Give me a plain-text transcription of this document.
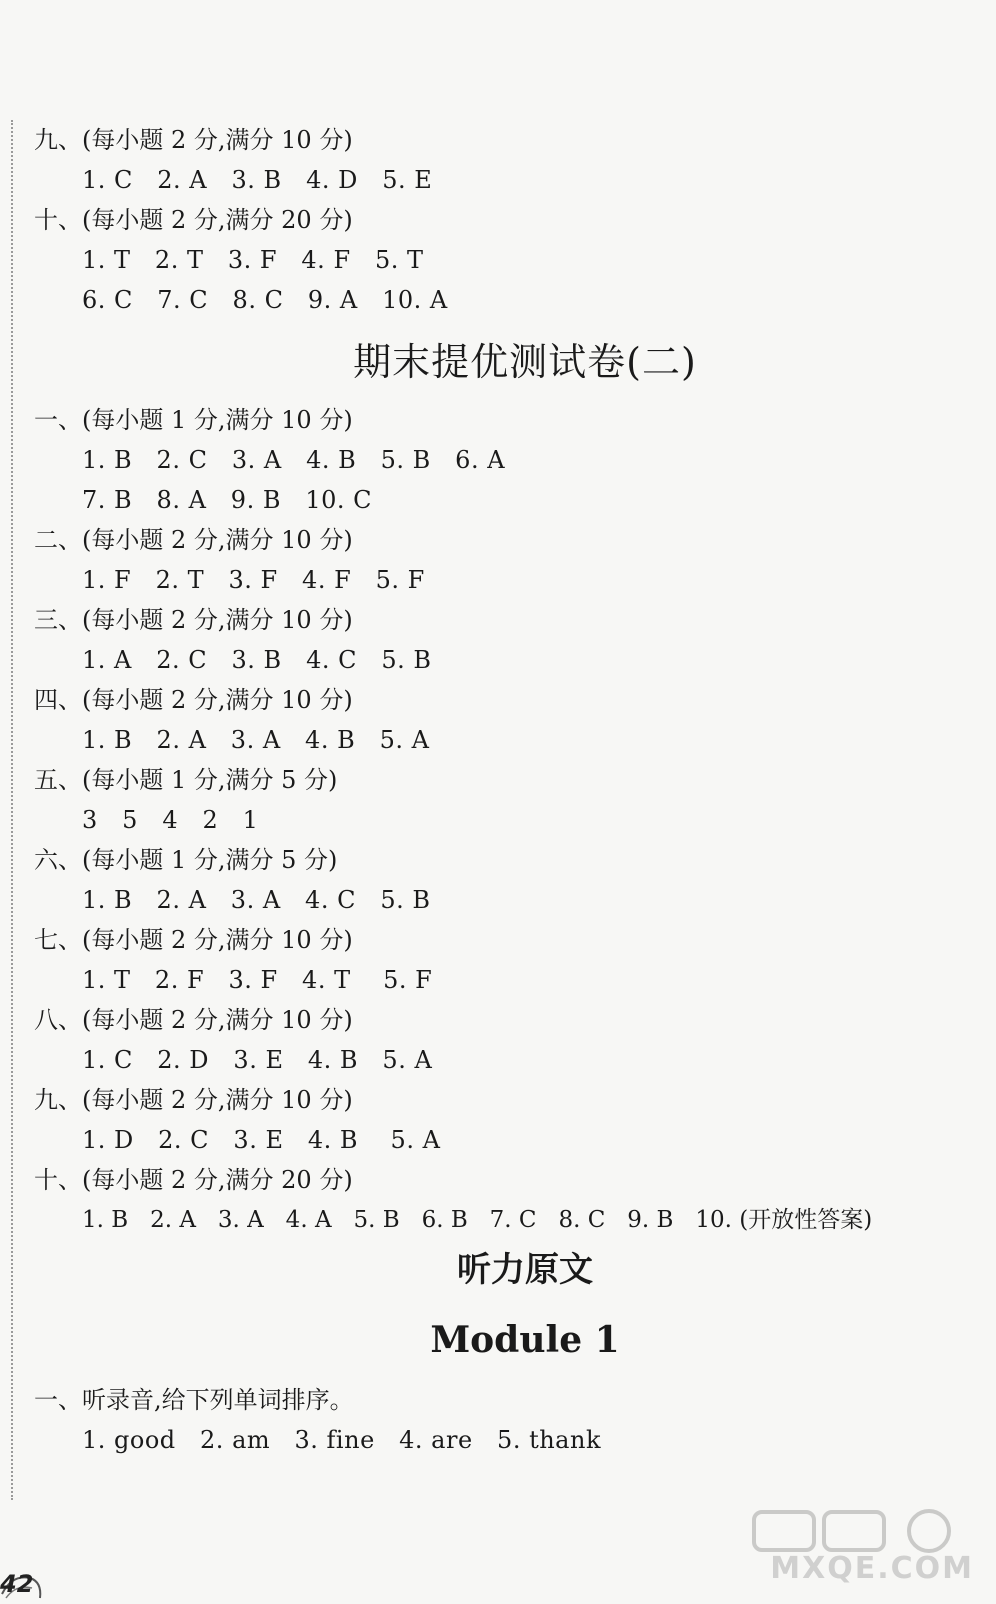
九、(每小题 2 分,满分 10 分)
1. C   2. A   3. B   4. D   5. E
十、(每小题 2 分,满分 20 分)
1. T   2. T   3. F   4. F   5. T
6. C   7. C   8. C   9. A   10. A
期末提优测试卷(二)
一、(每小题 1 分,满分 10 分)
1. B   2. C   3. A   4. B   5. B   6. A
7. B   8. A   9. B   10. C
二、(每小题 2 分,满分 10 分)
1. F   2. T   3. F   4. F   5. F
三、(每小题 2 分,满分 10 分)
1. A   2. C   3. B   4. C   5. B
四、(每小题 2 分,满分 10 分)
1. B   2. A   3. A   4. B   5. A
五、(每小题 1 分,满分 5 分)
3   5   4   2   1
六、(每小题 1 分,满分 5 分)
1. B   2. A   3. A   4. C   5. B
七、(每小题 2 分,满分 10 分)
1. T   2. F   3. F   4. T    5. F
八、(每小题 2 分,满分 10 分)
1. C   2. D   3. E   4. B   5. A
九、(每小题 2 分,满分 10 分)
1. D   2. C   3. E   4. B    5. A
十、(每小题 2 分,满分 20 分)
1. B   2. A   3. A   4. A   5. B   6. B   7. C   8. C   9. B   10. (开放性答案)
听力原文
Module 1
一、听录音,给下列单词排序。
1. good   2. am   3. fine   4. are   5. thank
42	MXQE.COM
